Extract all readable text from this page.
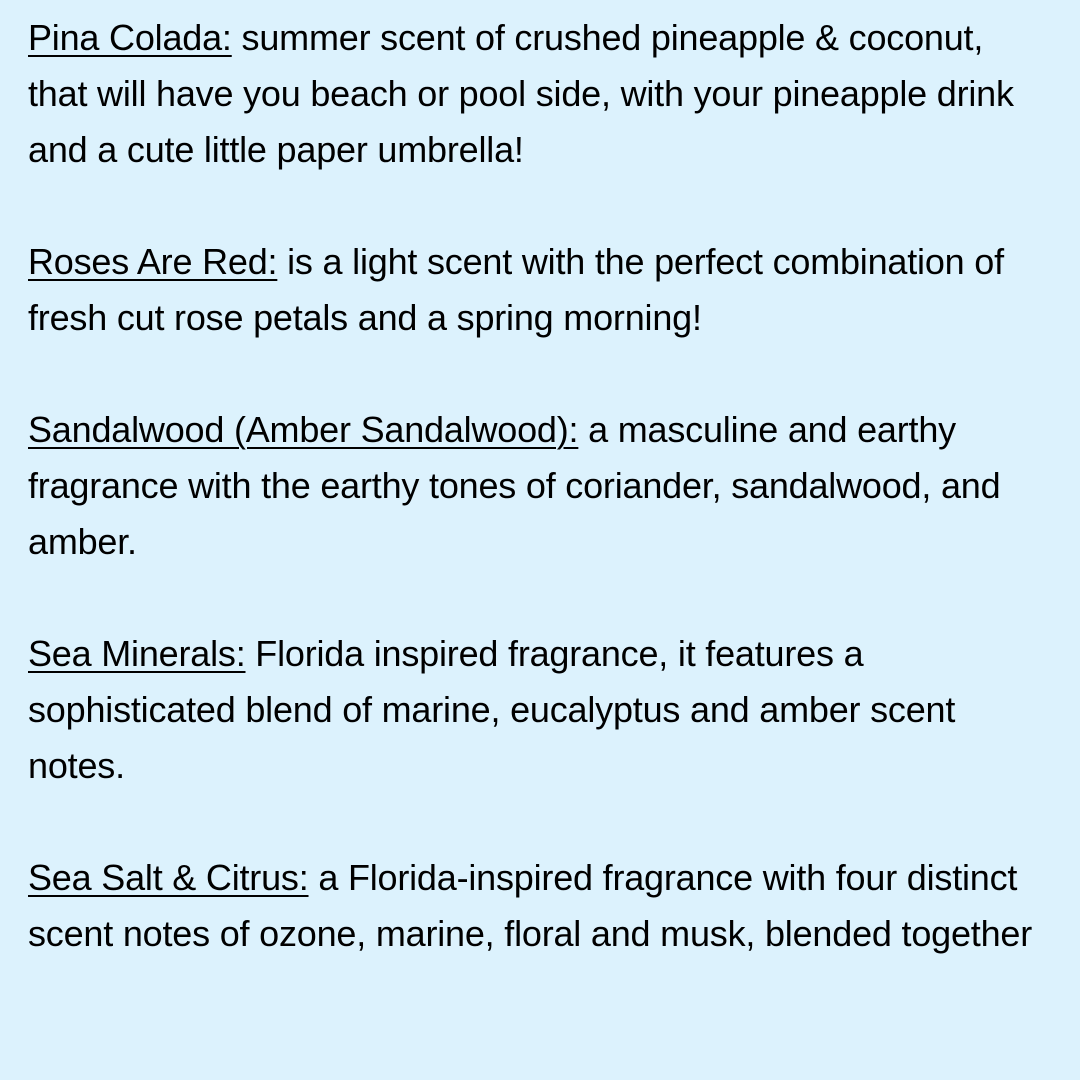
Pina Colada: summer scent of crushed pineapple & coconut, that will have you beach or pool side, with your pineapple drink and a cute little paper umbrella!

Roses Are Red: is a light scent with the perfect combination of fresh cut rose petals and a spring morning!

Sandalwood (Amber Sandalwood): a masculine and earthy fragrance with the earthy tones of coriander, sandalwood, and amber.

Sea Minerals: Florida inspired fragrance, it features a sophisticated blend of marine, eucalyptus and amber scent notes.

Sea Salt & Citrus: a Florida-inspired fragrance with four distinct scent notes of ozone, marine, floral and musk, blended together
